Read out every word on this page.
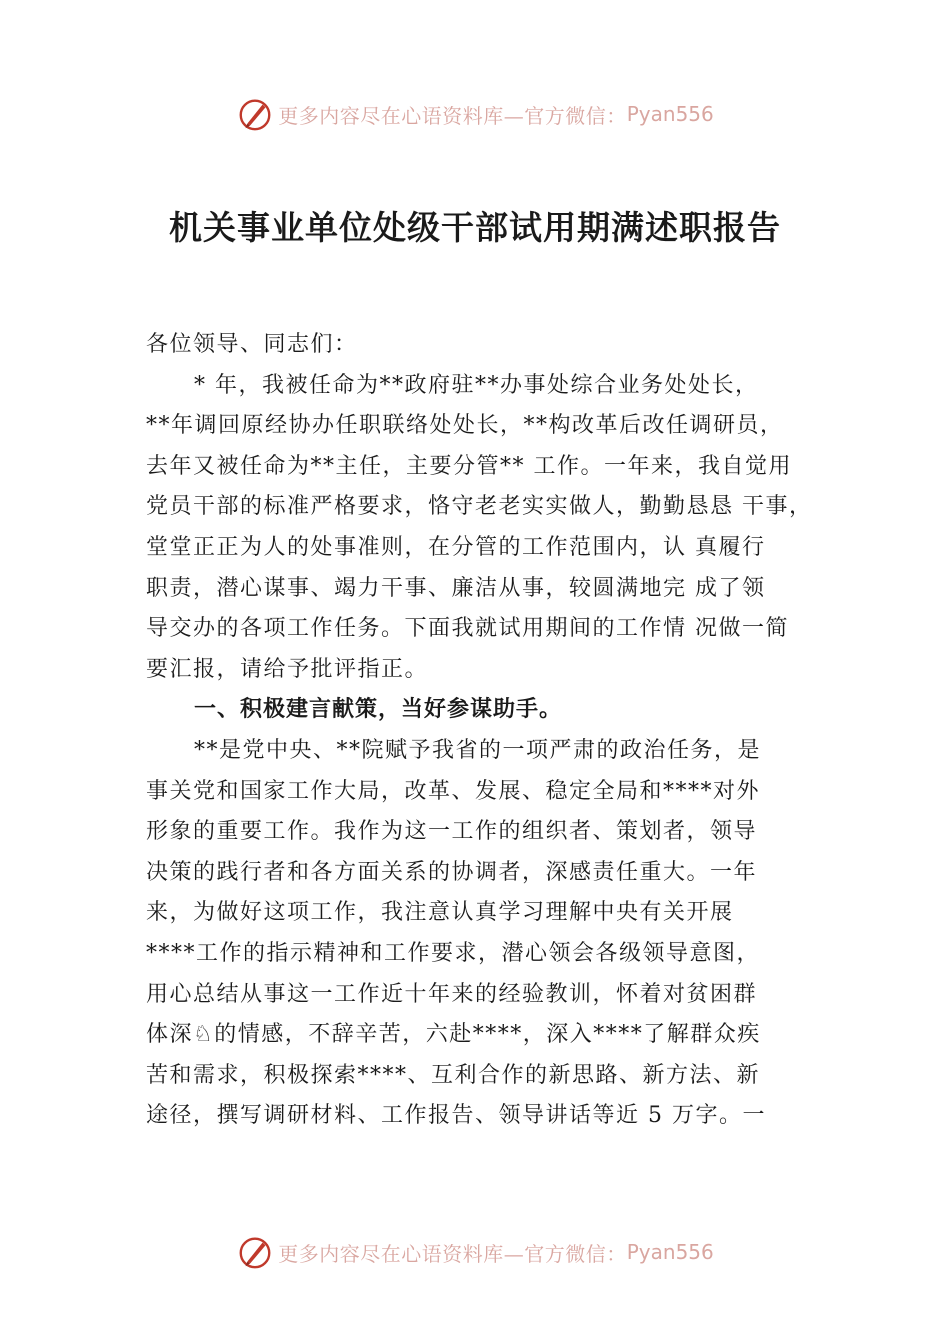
更多内容尽在心语资料库—官方微信： Pyan556
机关事业单位处级干部试用期满述职报告
各位领导、同志们：
* 年，我被任命为**政府驻**办事处综合业务处处长，
**年调回原经协办任职联络处处长，**构改革后改任调研员，
去年又被任命为**主任，主要分管** 工作。一年来，我自觉用
党员干部的标准严格要求，恪守老老实实做人，勤勤恳恳 干事，
堂堂正正为人的处事准则，在分管的工作范围内，认 真履行
职责，潜心谋事、竭力干事、廉洁从事，较圆满地完 成了领
导交办的各项工作任务。下面我就试用期间的工作情 况做一简
要汇报，请给予批评指正。
一、积极建言献策，当好参谋助手。
**是党中央、**院赋予我省的一项严肃的政治任务，是
事关党和国家工作大局，改革、发展、稳定全局和****对外
形象的重要工作。我作为这一工作的组织者、策划者，领导
决策的践行者和各方面关系的协调者，深感责任重大。一年
来，为做好这项工作，我注意认真学习理解中央有关开展
****工作的指示精神和工作要求，潜心领会各级领导意图，
用心总结从事这一工作近十年来的经验教训，怀着对贫困群
体深♘的情感，不辞辛苦，六赴****，深入****了解群众疾
苦和需求，积极探索****、互利合作的新思路、新方法、新
途径，撰写调研材料、工作报告、领导讲话等近 5 万字。一
更多内容尽在心语资料库—官方微信： Pyan556
